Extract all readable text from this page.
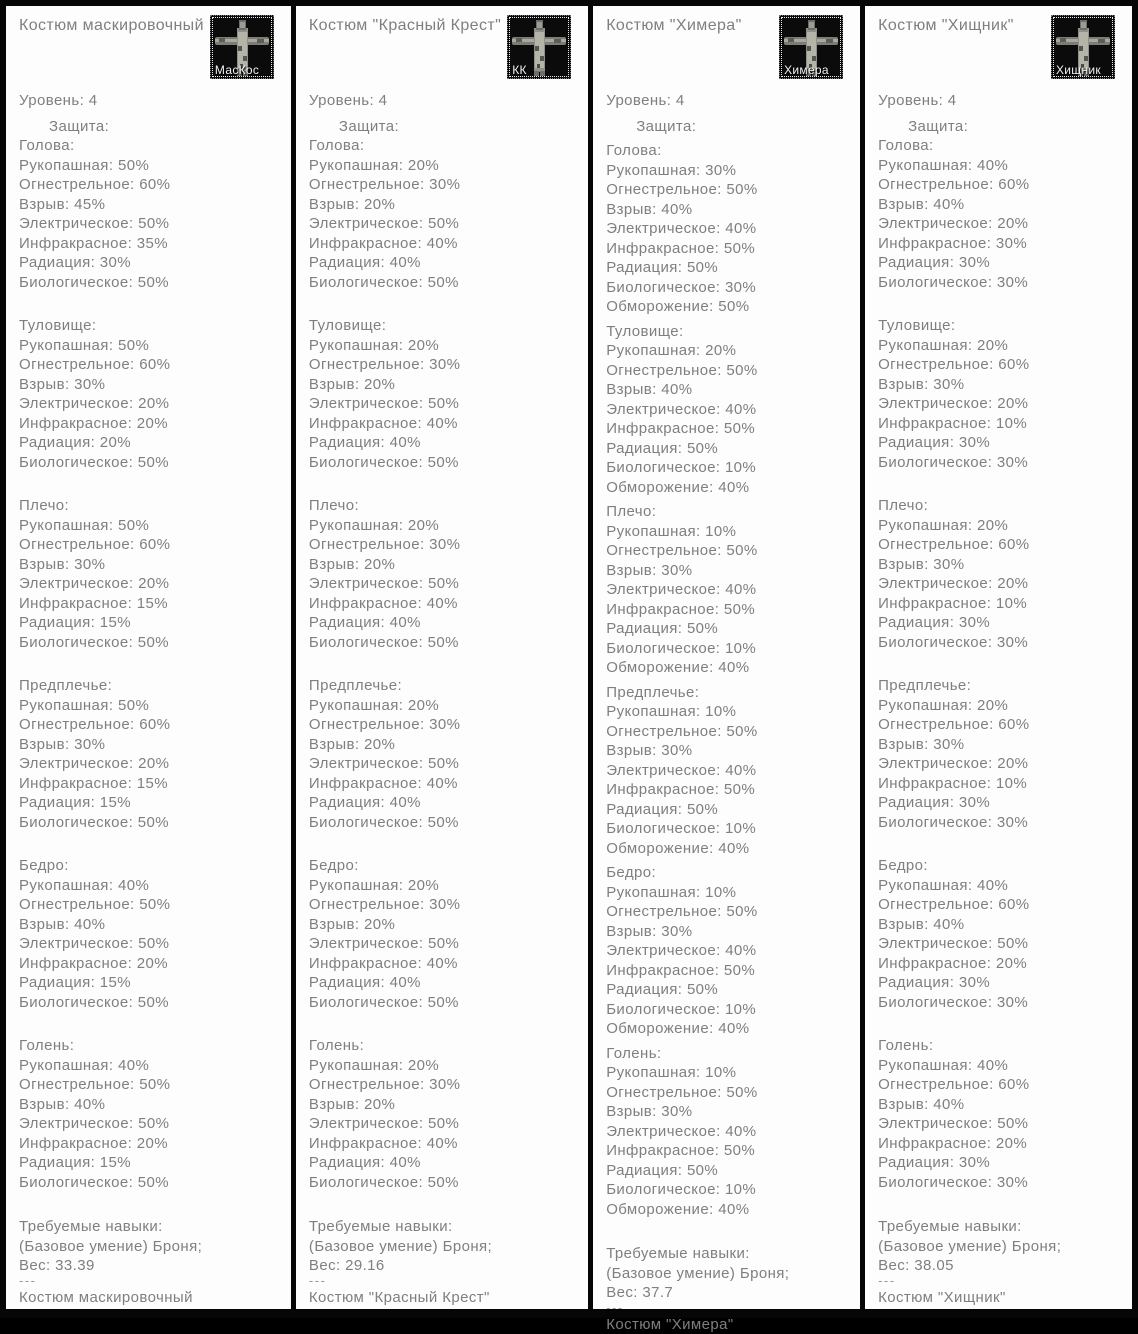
Костюм маскировочный
МасКос
Уровень: 4
Защита:
Голова:
Рукопашная: 50%
Огнестрельное: 60%
Взрыв: 45%
Электрическое: 50%
Инфракрасное: 35%
Радиация: 30%
Биологическое: 50%
Туловище:
Рукопашная: 50%
Огнестрельное: 60%
Взрыв: 30%
Электрическое: 20%
Инфракрасное: 20%
Радиация: 20%
Биологическое: 50%
Плечо:
Рукопашная: 50%
Огнестрельное: 60%
Взрыв: 30%
Электрическое: 20%
Инфракрасное: 15%
Радиация: 15%
Биологическое: 50%
Предплечье:
Рукопашная: 50%
Огнестрельное: 60%
Взрыв: 30%
Электрическое: 20%
Инфракрасное: 15%
Радиация: 15%
Биологическое: 50%
Бедро:
Рукопашная: 40%
Огнестрельное: 50%
Взрыв: 40%
Электрическое: 50%
Инфракрасное: 20%
Радиация: 15%
Биологическое: 50%
Голень:
Рукопашная: 40%
Огнестрельное: 50%
Взрыв: 40%
Электрическое: 50%
Инфракрасное: 20%
Радиация: 15%
Биологическое: 50%
Требуемые навыки:
(Базовое умение) Броня;
Вес: 33.39
---
Костюм маскировочный
Костюм "Красный Крест"
КК
Уровень: 4
Защита:
Голова:
Рукопашная: 20%
Огнестрельное: 30%
Взрыв: 20%
Электрическое: 50%
Инфракрасное: 40%
Радиация: 40%
Биологическое: 50%
Туловище:
Рукопашная: 20%
Огнестрельное: 30%
Взрыв: 20%
Электрическое: 50%
Инфракрасное: 40%
Радиация: 40%
Биологическое: 50%
Плечо:
Рукопашная: 20%
Огнестрельное: 30%
Взрыв: 20%
Электрическое: 50%
Инфракрасное: 40%
Радиация: 40%
Биологическое: 50%
Предплечье:
Рукопашная: 20%
Огнестрельное: 30%
Взрыв: 20%
Электрическое: 50%
Инфракрасное: 40%
Радиация: 40%
Биологическое: 50%
Бедро:
Рукопашная: 20%
Огнестрельное: 30%
Взрыв: 20%
Электрическое: 50%
Инфракрасное: 40%
Радиация: 40%
Биологическое: 50%
Голень:
Рукопашная: 20%
Огнестрельное: 30%
Взрыв: 20%
Электрическое: 50%
Инфракрасное: 40%
Радиация: 40%
Биологическое: 50%
Требуемые навыки:
(Базовое умение) Броня;
Вес: 29.16
---
Костюм "Красный Крест"
Костюм "Химера"
Химера
Уровень: 4
Защита:
Голова:
Рукопашная: 30%
Огнестрельное: 50%
Взрыв: 40%
Электрическое: 40%
Инфракрасное: 50%
Радиация: 50%
Биологическое: 30%
Обморожение: 50%
Туловище:
Рукопашная: 20%
Огнестрельное: 50%
Взрыв: 40%
Электрическое: 40%
Инфракрасное: 50%
Радиация: 50%
Биологическое: 10%
Обморожение: 40%
Плечо:
Рукопашная: 10%
Огнестрельное: 50%
Взрыв: 30%
Электрическое: 40%
Инфракрасное: 50%
Радиация: 50%
Биологическое: 10%
Обморожение: 40%
Предплечье:
Рукопашная: 10%
Огнестрельное: 50%
Взрыв: 30%
Электрическое: 40%
Инфракрасное: 50%
Радиация: 50%
Биологическое: 10%
Обморожение: 40%
Бедро:
Рукопашная: 10%
Огнестрельное: 50%
Взрыв: 30%
Электрическое: 40%
Инфракрасное: 50%
Радиация: 50%
Биологическое: 10%
Обморожение: 40%
Голень:
Рукопашная: 10%
Огнестрельное: 50%
Взрыв: 30%
Электрическое: 40%
Инфракрасное: 50%
Радиация: 50%
Биологическое: 10%
Обморожение: 40%
Требуемые навыки:
(Базовое умение) Броня;
Вес: 37.7
---
Костюм "Химера"
Костюм "Хищник"
Хищник
Уровень: 4
Защита:
Голова:
Рукопашная: 40%
Огнестрельное: 60%
Взрыв: 40%
Электрическое: 20%
Инфракрасное: 30%
Радиация: 30%
Биологическое: 30%
Туловище:
Рукопашная: 20%
Огнестрельное: 60%
Взрыв: 30%
Электрическое: 20%
Инфракрасное: 10%
Радиация: 30%
Биологическое: 30%
Плечо:
Рукопашная: 20%
Огнестрельное: 60%
Взрыв: 30%
Электрическое: 20%
Инфракрасное: 10%
Радиация: 30%
Биологическое: 30%
Предплечье:
Рукопашная: 20%
Огнестрельное: 60%
Взрыв: 30%
Электрическое: 20%
Инфракрасное: 10%
Радиация: 30%
Биологическое: 30%
Бедро:
Рукопашная: 40%
Огнестрельное: 60%
Взрыв: 40%
Электрическое: 50%
Инфракрасное: 20%
Радиация: 30%
Биологическое: 30%
Голень:
Рукопашная: 40%
Огнестрельное: 60%
Взрыв: 40%
Электрическое: 50%
Инфракрасное: 20%
Радиация: 30%
Биологическое: 30%
Требуемые навыки:
(Базовое умение) Броня;
Вес: 38.05
---
Костюм "Хищник"
